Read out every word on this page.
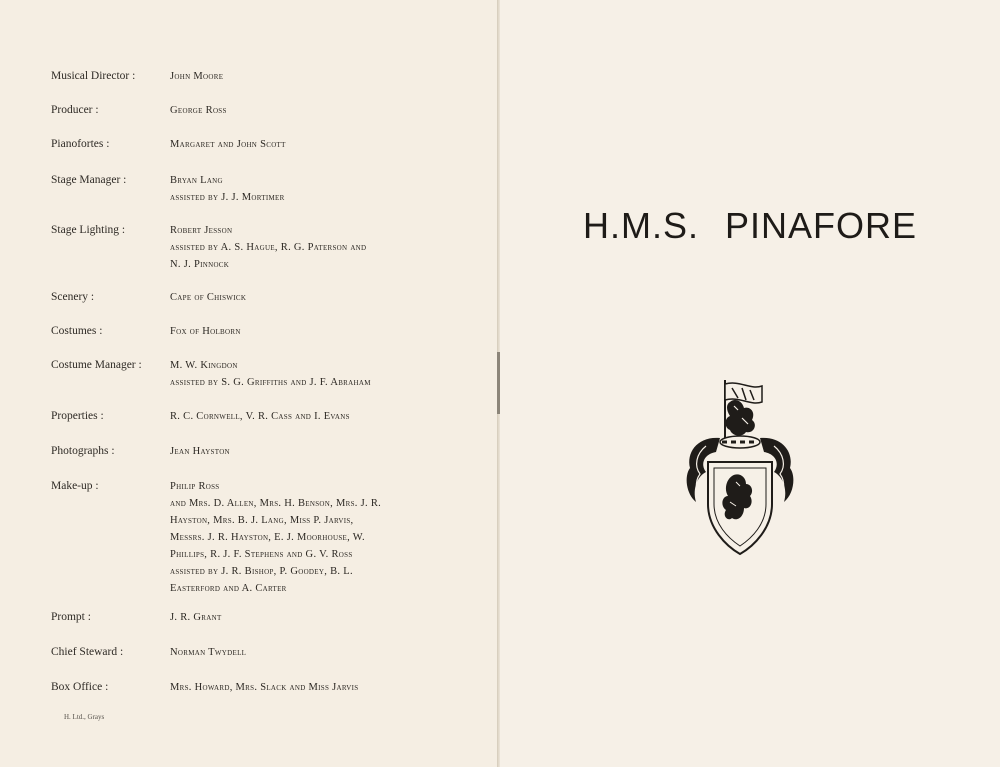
Musical Director :	John Moore
Producer :	George Ross
Pianofortes :	Margaret and John Scott
Stage Manager :	Bryan Lang
assisted by J. J. Mortimer
Stage Lighting :	Robert Jesson
assisted by A. S. Hague, R. G. Paterson and
N. J. Pinnock
Scenery :	Cape of Chiswick
Costumes :	Fox of Holborn
Costume Manager :	M. W. Kingdon
assisted by S. G. Griffiths and J. F. Abraham
Properties :	R. C. Cornwell, V. R. Cass and I. Evans
Photographs :	Jean Hayston
Make-up :	Philip Ross
and Mrs. D. Allen, Mrs. H. Benson, Mrs. J. R.
Hayston, Mrs. B. J. Lang, Miss P. Jarvis,
Messrs. J. R. Hayston, E. J. Moorhouse, W.
Phillips, R. J. F. Stephens and G. V. Ross
assisted by J. R. Bishop, P. Goodey, B. L.
Easterford and A. Carter
Prompt :	J. R. Grant
Chief Steward :	Norman Twydell
Box Office :	Mrs. Howard, Mrs. Slack and Miss Jarvis
H. Ltd., Grays
H.M.S. PINAFORE
